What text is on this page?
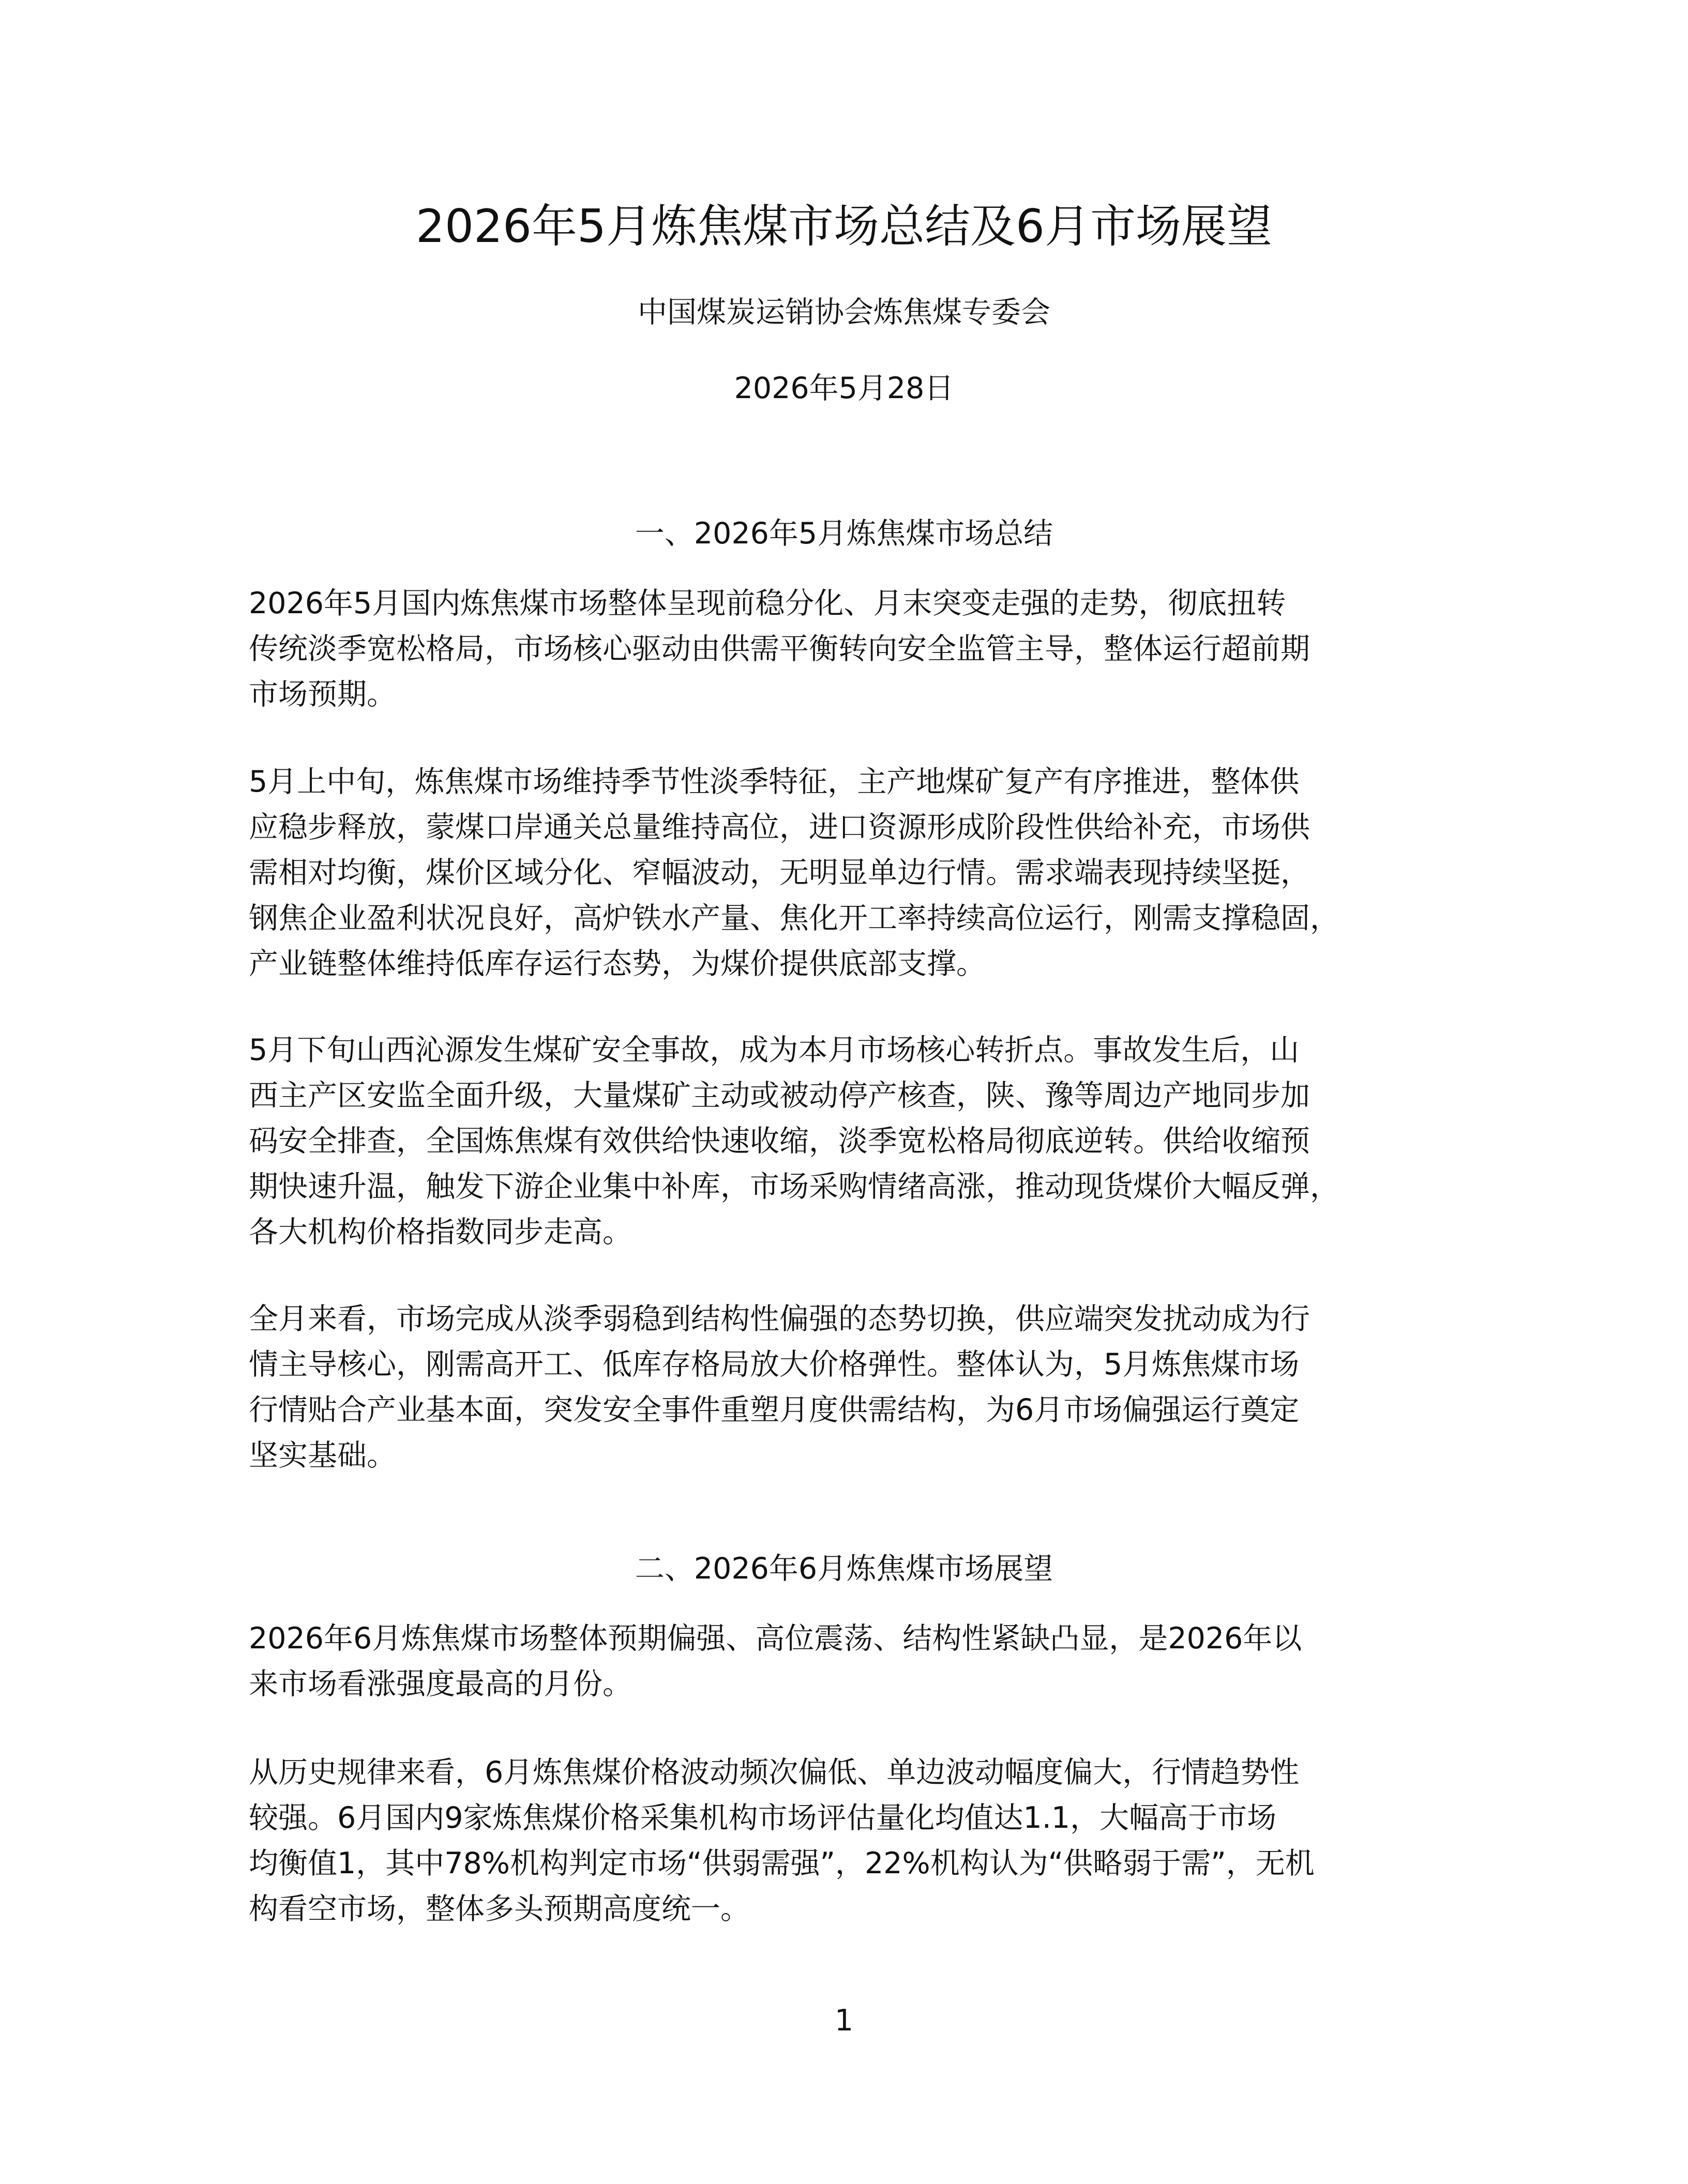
2026年5月炼焦煤市场总结及6月市场展望
中国煤炭运销协会炼焦煤专委会
2026年5月28日
一、2026年5月炼焦煤市场总结
2026年5月国内炼焦煤市场整体呈现前稳分化、月末突变走强的走势，彻底扭转
传统淡季宽松格局，市场核心驱动由供需平衡转向安全监管主导，整体运行超前期
市场预期。
5月上中旬，炼焦煤市场维持季节性淡季特征，主产地煤矿复产有序推进，整体供
应稳步释放，蒙煤口岸通关总量维持高位，进口资源形成阶段性供给补充，市场供
需相对均衡，煤价区域分化、窄幅波动，无明显单边行情。需求端表现持续坚挺，
钢焦企业盈利状况良好，高炉铁水产量、焦化开工率持续高位运行，刚需支撑稳固，
产业链整体维持低库存运行态势，为煤价提供底部支撑。
5月下旬山西沁源发生煤矿安全事故，成为本月市场核心转折点。事故发生后，山
西主产区安监全面升级，大量煤矿主动或被动停产核查，陕、豫等周边产地同步加
码安全排查，全国炼焦煤有效供给快速收缩，淡季宽松格局彻底逆转。供给收缩预
期快速升温，触发下游企业集中补库，市场采购情绪高涨，推动现货煤价大幅反弹，
各大机构价格指数同步走高。
全月来看，市场完成从淡季弱稳到结构性偏强的态势切换，供应端突发扰动成为行
情主导核心，刚需高开工、低库存格局放大价格弹性。整体认为，5月炼焦煤市场
行情贴合产业基本面，突发安全事件重塑月度供需结构，为6月市场偏强运行奠定
坚实基础。
二、2026年6月炼焦煤市场展望
2026年6月炼焦煤市场整体预期偏强、高位震荡、结构性紧缺凸显，是2026年以
来市场看涨强度最高的月份。
从历史规律来看，6月炼焦煤价格波动频次偏低、单边波动幅度偏大，行情趋势性
较强。6月国内9家炼焦煤价格采集机构市场评估量化均值达1.1，大幅高于市场
均衡值1，其中78%机构判定市场“供弱需强”，22%机构认为“供略弱于需”，无机
构看空市场，整体多头预期高度统一。
1
